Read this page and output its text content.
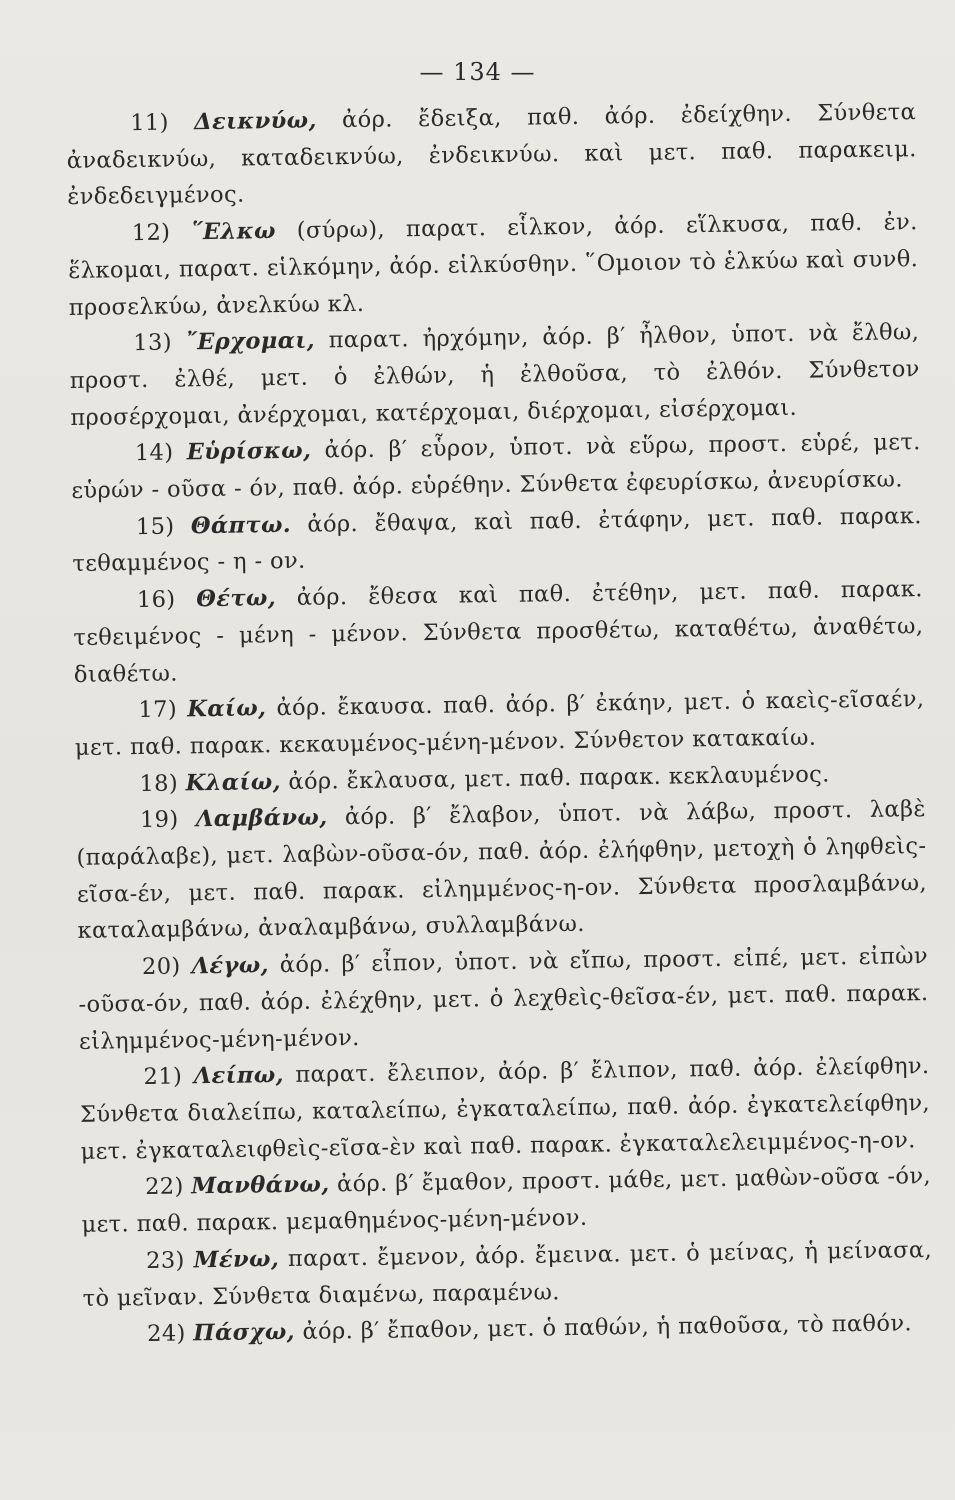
— 134 —

11) Δεικνύω, ἀόρ. ἔδειξα, παθ. ἀόρ. ἐδείχθην. Σύνθετα ἀναδεικνύω, καταδεικνύω, ἐνδεικνύω. καὶ μετ. παθ. παρακειμ. ἐνδεδειγμένος.

12) ῞Ελκω (σύρω), παρατ. εἷλκον, ἀόρ. εἵλκυσα, παθ. ἐν. ἕλκομαι, παρατ. εἱλκόμην, ἀόρ. εἱλκύσθην. ῞Ομοιον τὸ ἑλκύω καὶ συνθ. προσελκύω, ἀνελκύω κλ.

13) ῎Ερχομαι, παρατ. ἠρχόμην, ἀόρ. β′ ἦλθον, ὑποτ. νὰ ἔλθω, προστ. ἐλθέ, μετ. ὁ ἐλθών, ἡ ἐλθοῦσα, τὸ ἐλθόν. Σύνθετον προσέρχομαι, ἀνέρχομαι, κατέρχομαι, διέρχομαι, εἰσέρχομαι.

14) Εὑρίσκω, ἀόρ. β′ εὗρον, ὑποτ. νὰ εὕρω, προστ. εὑρέ, μετ. εὑρών - οῦσα - όν, παθ. ἀόρ. εὑρέθην. Σύνθετα ἐφευρίσκω, ἀνευρίσκω.

15) Θάπτω. ἀόρ. ἔθαψα, καὶ παθ. ἐτάφην, μετ. παθ. παρακ. τεθαμμένος - η - ον.

16) Θέτω, ἀόρ. ἔθεσα καὶ παθ. ἐτέθην, μετ. παθ. παρακ. τεθειμένος - μένη - μένον. Σύνθετα προσθέτω, καταθέτω, ἀναθέτω, διαθέτω.

17) Καίω, ἀόρ. ἔκαυσα. παθ. ἀόρ. β′ ἐκάην, μετ. ὁ καεὶς-εῖσαέν, μετ. παθ. παρακ. κεκαυμένος-μένη-μένον. Σύνθετον κατακαίω.

18) Κλαίω, ἀόρ. ἔκλαυσα, μετ. παθ. παρακ. κεκλαυμένος.

19) Λαμβάνω, ἀόρ. β′ ἔλαβον, ὑποτ. νὰ λάβω, προστ. λαβὲ (παράλαβε), μετ. λαβὼν-οῦσα-όν, παθ. ἀόρ. ἐλήφθην, μετοχὴ ὁ ληφθεὶς-εῖσα-έν, μετ. παθ. παρακ. εἰλημμένος-η-ον. Σύνθετα προσλαμβάνω, καταλαμβάνω, ἀναλαμβάνω, συλλαμβάνω.

20) Λέγω, ἀόρ. β′ εἶπον, ὑποτ. νὰ εἴπω, προστ. εἰπέ, μετ. εἰπὼν -οῦσα-όν, παθ. ἀόρ. ἐλέχθην, μετ. ὁ λεχθεὶς-θεῖσα-έν, μετ. παθ. παρακ. εἰλημμένος-μένη-μένον.

21) Λείπω, παρατ. ἔλειπον, ἀόρ. β′ ἔλιπον, παθ. ἀόρ. ἐλείφθην. Σύνθετα διαλείπω, καταλείπω, ἐγκαταλείπω, παθ. ἀόρ. ἐγκατελείφθην, μετ. ἐγκαταλειφθεὶς-εῖσα-ὲν καὶ παθ. παρακ. ἐγκαταλελειμμένος-η-ον.

22) Μανθάνω, ἀόρ. β′ ἔμαθον, προστ. μάθε, μετ. μαθὼν-οῦσα -όν, μετ. παθ. παρακ. μεμαθημένος-μένη-μένον.

23) Μένω, παρατ. ἔμενον, ἀόρ. ἔμεινα. μετ. ὁ μείνας, ἡ μείνασα, τὸ μεῖναν. Σύνθετα διαμένω, παραμένω.

24) Πάσχω, ἀόρ. β′ ἔπαθον, μετ. ὁ παθών, ἡ παθοῦσα, τὸ παθόν.
